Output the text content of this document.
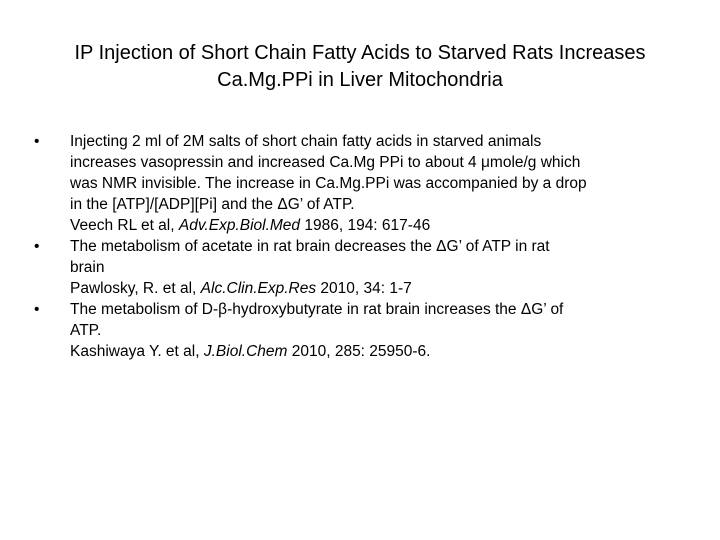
IP Injection of Short Chain Fatty Acids to Starved Rats Increases
Ca.Mg.PPi in Liver Mitochondria
•	Injecting 2 ml of 2M salts of short chain fatty acids in starved animals
increases vasopressin and increased Ca.Mg PPi to about 4 μmole/g which
was NMR invisible. The increase in Ca.Mg.PPi was accompanied by a drop
in the [ATP]/[ADP][Pi] and the ΔG’ of ATP.
Veech RL et al, Adv.Exp.Biol.Med 1986, 194: 617-46
•	The metabolism of acetate in rat brain decreases the ΔG’ of ATP in rat
brain
Pawlosky, R. et al, Alc.Clin.Exp.Res 2010, 34: 1-7
•	The metabolism of D-β-hydroxybutyrate in rat brain increases the ΔG’ of
ATP.
Kashiwaya Y. et al, J.Biol.Chem 2010, 285: 25950-6.
